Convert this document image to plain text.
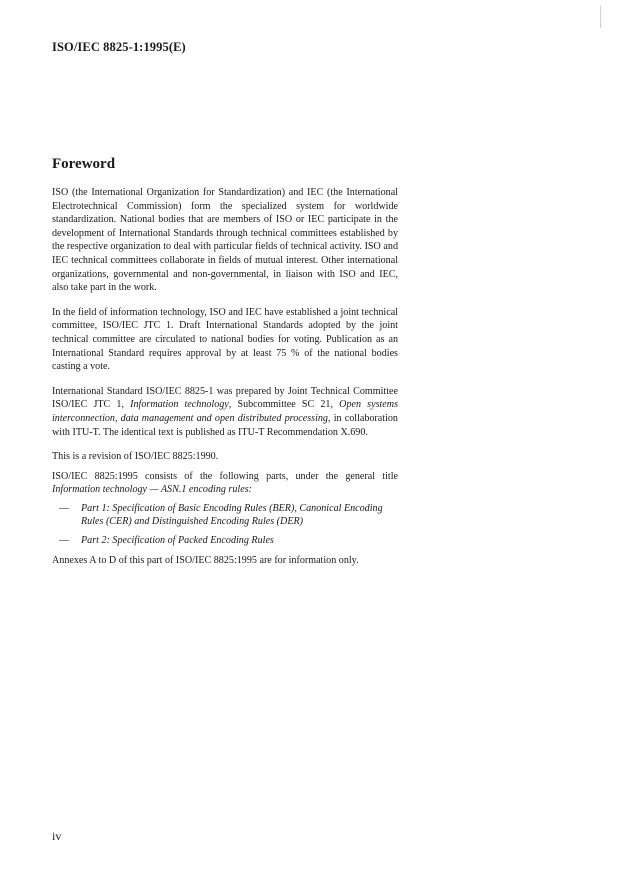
ISO/IEC 8825-1:1995(E)
Foreword

ISO (the International Organization for Standardization) and IEC (the International Electrotechnical Commission) form the specialized system for worldwide standardization. National bodies that are members of ISO or IEC participate in the development of International Standards through technical committees established by the respective organization to deal with particular fields of technical activity. ISO and IEC technical committees collaborate in fields of mutual interest. Other international organizations, governmental and non-governmental, in liaison with ISO and IEC, also take part in the work.

In the field of information technology, ISO and IEC have established a joint technical committee, ISO/IEC JTC 1. Draft International Standards adopted by the joint technical committee are circulated to national bodies for voting. Publication as an International Standard requires approval by at least 75 % of the national bodies casting a vote.

International Standard ISO/IEC 8825-1 was prepared by Joint Technical Committee ISO/IEC JTC 1, Information technology, Subcommittee SC 21, Open systems interconnection, data management and open distributed processing, in collaboration with ITU-T. The identical text is published as ITU-T Recommendation X.690.

This is a revision of ISO/IEC 8825:1990.

ISO/IEC 8825:1995 consists of the following parts, under the general title Information technology — ASN.1 encoding rules:

— Part 1: Specification of Basic Encoding Rules (BER), Canonical Encoding Rules (CER) and Distinguished Encoding Rules (DER)
— Part 2: Specification of Packed Encoding Rules

Annexes A to D of this part of ISO/IEC 8825:1995 are for information only.

iv
